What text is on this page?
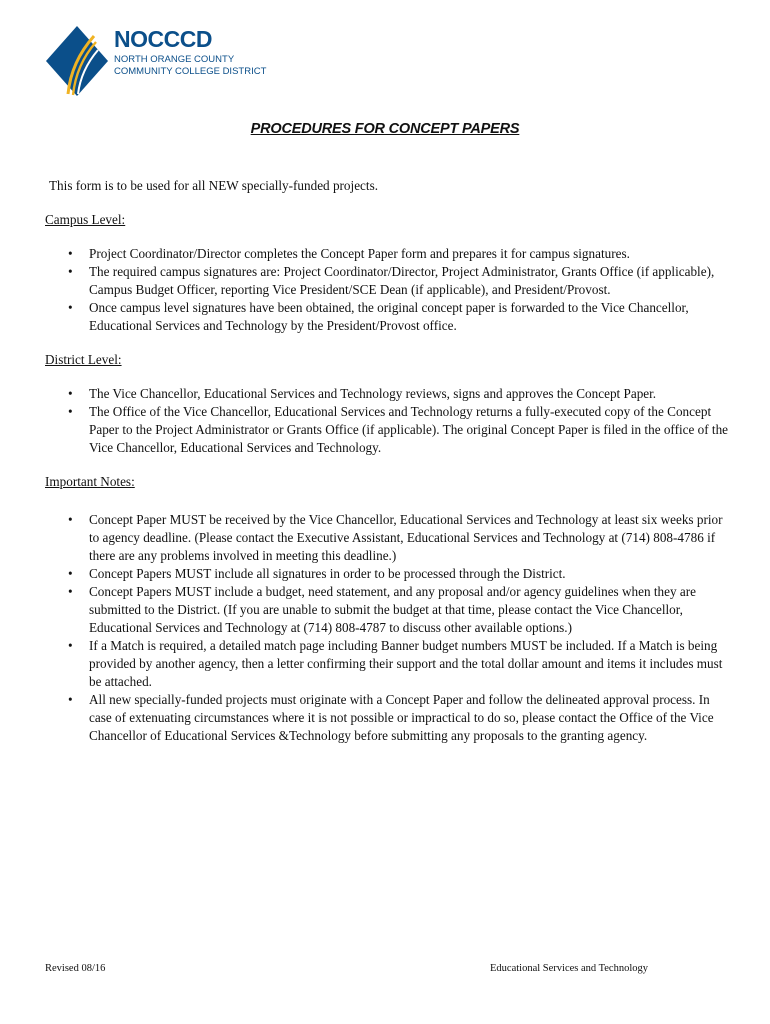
NOCCCD
NORTH ORANGE COUNTY
COMMUNITY COLLEGE DISTRICT
PROCEDURES FOR CONCEPT PAPERS

This form is to be used for all NEW specially-funded projects.

Campus Level:

• Project Coordinator/Director completes the Concept Paper form and prepares it for campus signatures.
• The required campus signatures are: Project Coordinator/Director, Project Administrator, Grants Office (if applicable), Campus Budget Officer, reporting Vice President/SCE Dean (if applicable), and President/Provost.
• Once campus level signatures have been obtained, the original concept paper is forwarded to the Vice Chancellor, Educational Services and Technology by the President/Provost office.

District Level:

• The Vice Chancellor, Educational Services and Technology reviews, signs and approves the Concept Paper.
• The Office of the Vice Chancellor, Educational Services and Technology returns a fully-executed copy of the Concept Paper to the Project Administrator or Grants Office (if applicable). The original Concept Paper is filed in the office of the Vice Chancellor, Educational Services and Technology.

Important Notes:

• Concept Paper MUST be received by the Vice Chancellor, Educational Services and Technology at least six weeks prior to agency deadline. (Please contact the Executive Assistant, Educational Services and Technology at (714) 808-4786 if there are any problems involved in meeting this deadline.)
• Concept Papers MUST include all signatures in order to be processed through the District.
• Concept Papers MUST include a budget, need statement, and any proposal and/or agency guidelines when they are submitted to the District. (If you are unable to submit the budget at that time, please contact the Vice Chancellor, Educational Services and Technology at (714) 808-4787 to discuss other available options.)
• If a Match is required, a detailed match page including Banner budget numbers MUST be included. If a Match is being provided by another agency, then a letter confirming their support and the total dollar amount and items it includes must be attached.
• All new specially-funded projects must originate with a Concept Paper and follow the delineated approval process. In case of extenuating circumstances where it is not possible or impractical to do so, please contact the Office of the Vice Chancellor of Educational Services &Technology before submitting any proposals to the granting agency.
Revised 08/16	Educational Services and Technology
